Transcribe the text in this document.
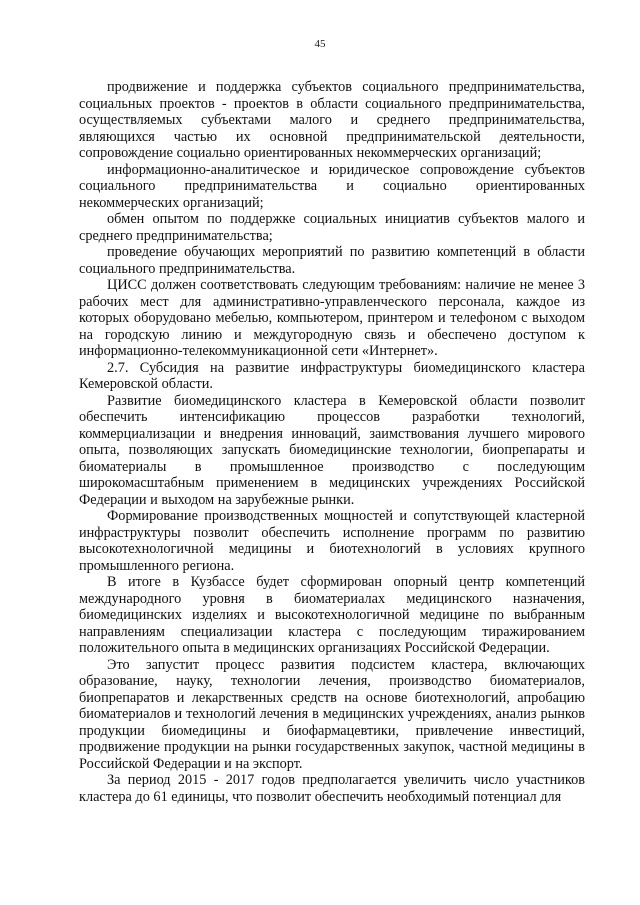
45

продвижение и поддержка субъектов социального предпринимательства, социальных проектов - проектов в области социального предпринимательства, осуществляемых субъектами малого и среднего предпринимательства, являющихся частью их основной предпринимательской деятельности, сопровождение социально ориентированных некоммерческих организаций;

информационно-аналитическое и юридическое сопровождение субъектов социального предпринимательства и социально ориентированных некоммерческих организаций;

обмен опытом по поддержке социальных инициатив субъектов малого и среднего предпринимательства;

проведение обучающих мероприятий по развитию компетенций в области социального предпринимательства.

ЦИСС должен соответствовать следующим требованиям: наличие не менее 3 рабочих мест для административно-управленческого персонала, каждое из которых оборудовано мебелью, компьютером, принтером и телефоном с выходом на городскую линию и междугородную связь и обеспечено доступом к информационно-телекоммуникационной сети «Интернет».

2.7. Субсидия на развитие инфраструктуры биомедицинского кластера Кемеровской области.

Развитие биомедицинского кластера в Кемеровской области позволит обеспечить интенсификацию процессов разработки технологий, коммерциализации и внедрения инноваций, заимствования лучшего мирового опыта, позволяющих запускать биомедицинские технологии, биопрепараты и биоматериалы в промышленное производство с последующим широкомасштабным применением в медицинских учреждениях Российской Федерации и выходом на зарубежные рынки.

Формирование производственных мощностей и сопутствующей кластерной инфраструктуры позволит обеспечить исполнение программ по развитию высокотехнологичной медицины и биотехнологий в условиях крупного промышленного региона.

В итоге в Кузбассе будет сформирован опорный центр компетенций международного уровня в биоматериалах медицинского назначения, биомедицинских изделиях и высокотехнологичной медицине по выбранным направлениям специализации кластера с последующим тиражированием положительного опыта в медицинских организациях Российской Федерации.

Это запустит процесс развития подсистем кластера, включающих образование, науку, технологии лечения, производство биоматериалов, биопрепаратов и лекарственных средств на основе биотехнологий, апробацию биоматериалов и технологий лечения в медицинских учреждениях, анализ рынков продукции биомедицины и биофармацевтики, привлечение инвестиций, продвижение продукции на рынки государственных закупок, частной медицины в Российской Федерации и на экспорт.

За период 2015 - 2017 годов предполагается увеличить число участников кластера до 61 единицы, что позволит обеспечить необходимый потенциал для
